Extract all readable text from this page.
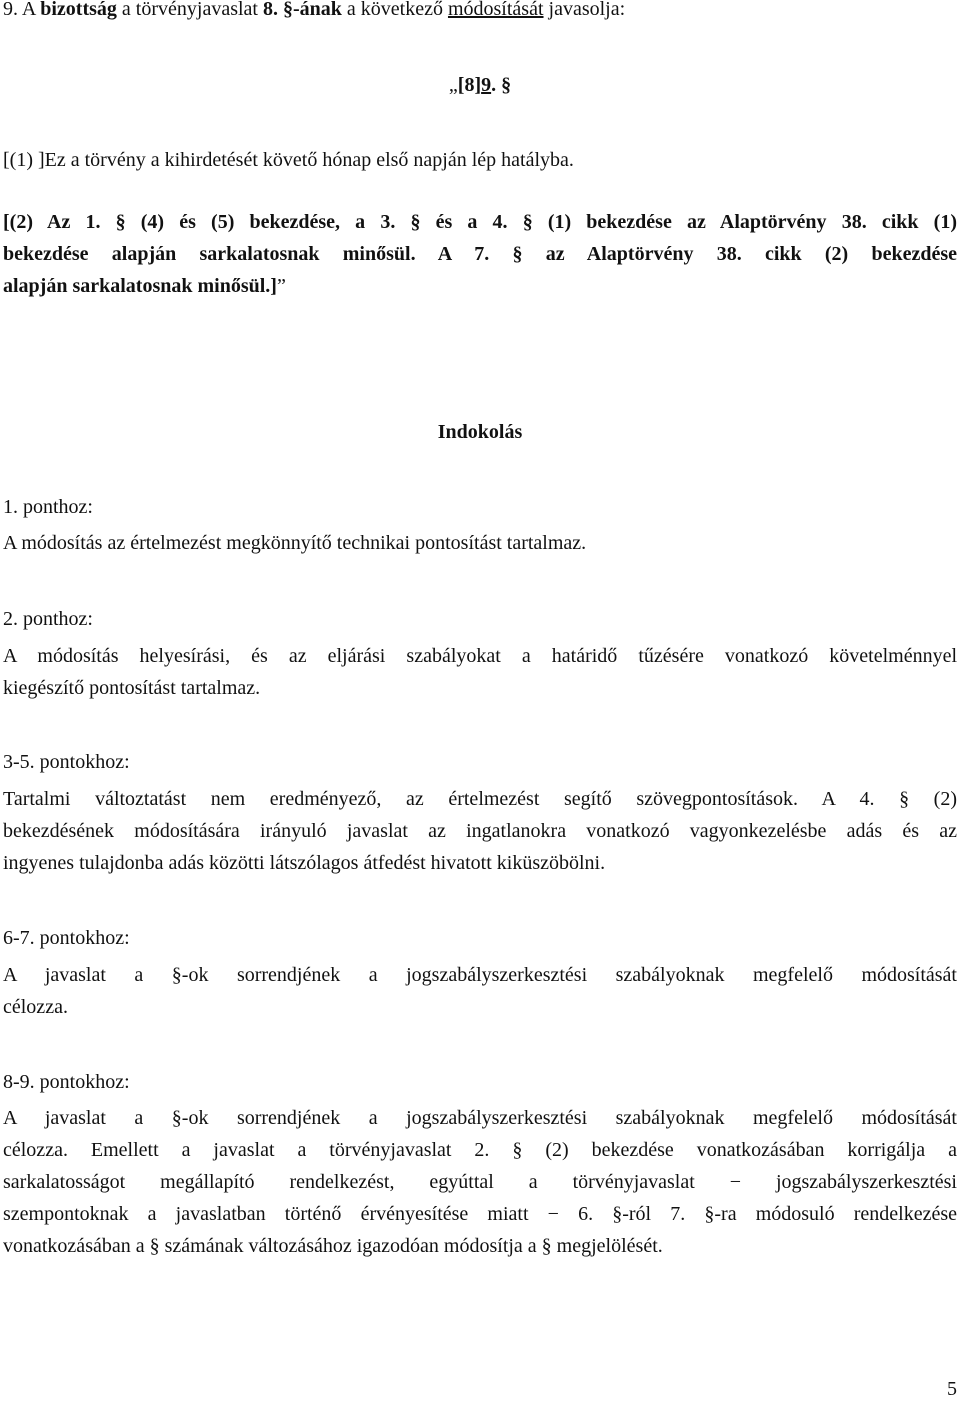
9. A bizottság a törvényjavaslat 8. §-ának a következő módosítását javasolja:
„[8]9. §
[(1) ]Ez a törvény a kihirdetését követő hónap első napján lép hatályba.
[(2) Az 1. § (4) és (5) bekezdése, a 3. § és a 4. § (1) bekezdése az Alaptörvény 38. cikk (1)
bekezdése alapján sarkalatosnak minősül. A 7. § az Alaptörvény 38. cikk (2) bekezdése
alapján sarkalatosnak minősül.]”
Indokolás
1. ponthoz:
A módosítás az értelmezést megkönnyítő technikai pontosítást tartalmaz.
2. ponthoz:
A módosítás helyesírási, és az eljárási szabályokat a határidő tűzésére vonatkozó követelménnyel
kiegészítő pontosítást tartalmaz.
3-5. pontokhoz:
Tartalmi változtatást nem eredményező, az értelmezést segítő szövegpontosítások. A 4. § (2)
bekezdésének módosítására irányuló javaslat az ingatlanokra vonatkozó vagyonkezelésbe adás és az
ingyenes tulajdonba adás közötti látszólagos átfedést hivatott kiküszöbölni.
6-7. pontokhoz:
A javaslat a §-ok sorrendjének a jogszabályszerkesztési szabályoknak megfelelő módosítását
célozza.
8-9. pontokhoz:
A javaslat a §-ok sorrendjének a jogszabályszerkesztési szabályoknak megfelelő módosítását
célozza. Emellett a javaslat a törvényjavaslat 2. § (2) bekezdése vonatkozásában korrigálja a
sarkalatosságot megállapító rendelkezést, egyúttal a törvényjavaslat − jogszabályszerkesztési
szempontoknak a javaslatban történő érvényesítése miatt − 6. §-ról 7. §-ra módosuló rendelkezése
vonatkozásában a § számának változásához igazodóan módosítja a § megjelölését.
5
